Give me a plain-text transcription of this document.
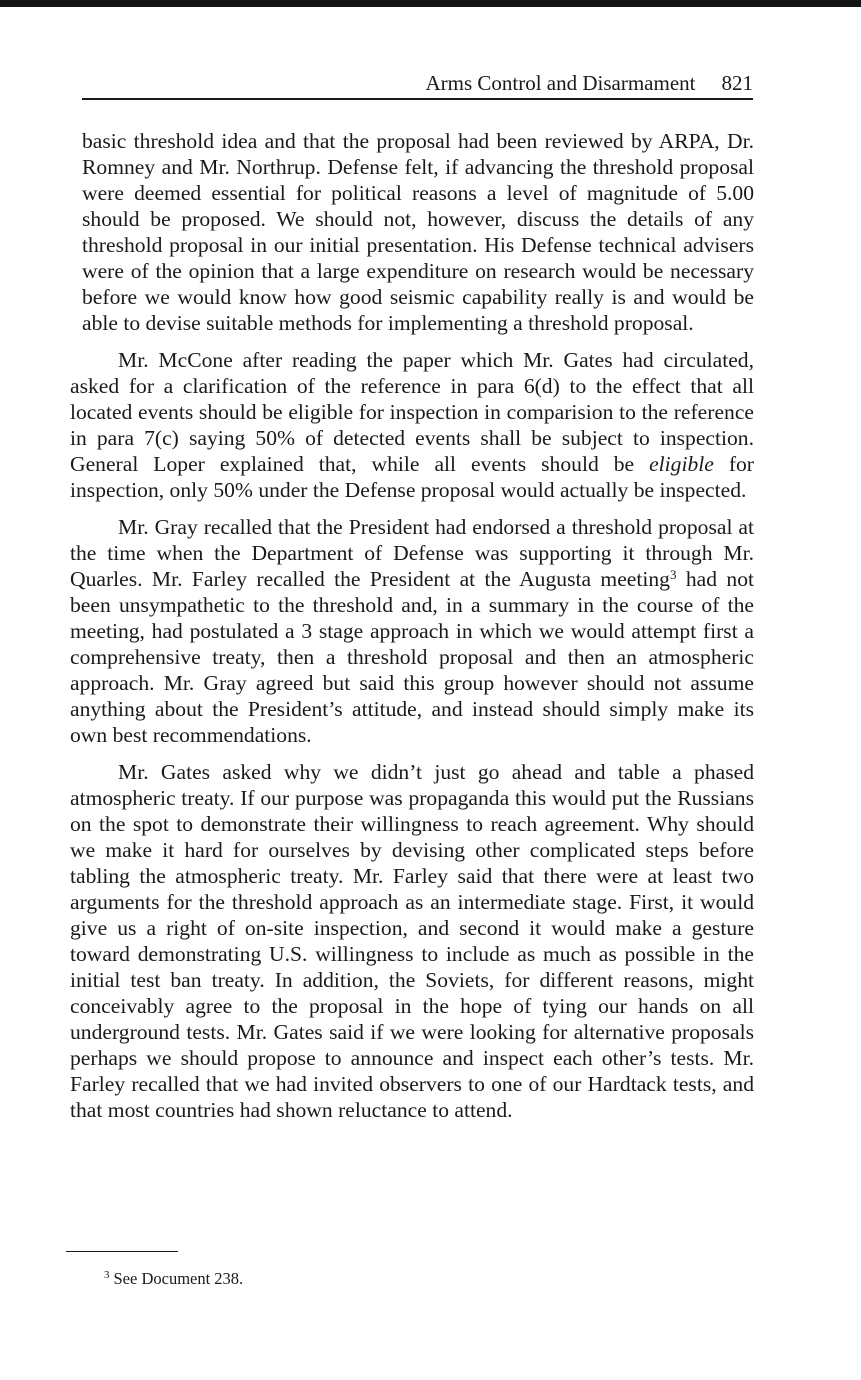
Arms Control and Disarmament 821

basic threshold idea and that the proposal had been reviewed by ARPA, Dr. Romney and Mr. Northrup. Defense felt, if advancing the threshold proposal were deemed essential for political reasons a level of magnitude of 5.00 should be proposed. We should not, however, discuss the details of any threshold proposal in our initial presentation. His Defense technical advisers were of the opinion that a large expenditure on research would be necessary before we would know how good seismic capability really is and would be able to devise suitable methods for implementing a threshold proposal.

Mr. McCone after reading the paper which Mr. Gates had circulated, asked for a clarification of the reference in para 6(d) to the effect that all located events should be eligible for inspection in comparision to the reference in para 7(c) saying 50% of detected events shall be subject to inspection. General Loper explained that, while all events should be eligible for inspection, only 50% under the Defense proposal would actually be inspected.

Mr. Gray recalled that the President had endorsed a threshold proposal at the time when the Department of Defense was supporting it through Mr. Quarles. Mr. Farley recalled the President at the Augusta meeting$^3$ had not been unsympathetic to the threshold and, in a summary in the course of the meeting, had postulated a 3 stage approach in which we would attempt first a comprehensive treaty, then a threshold proposal and then an atmospheric approach. Mr. Gray agreed but said this group however should not assume anything about the President’s attitude, and instead should simply make its own best recommendations.

Mr. Gates asked why we didn’t just go ahead and table a phased atmospheric treaty. If our purpose was propaganda this would put the Russians on the spot to demonstrate their willingness to reach agreement. Why should we make it hard for ourselves by devising other complicated steps before tabling the atmospheric treaty. Mr. Farley said that there were at least two arguments for the threshold approach as an intermediate stage. First, it would give us a right of on-site inspection, and second it would make a gesture toward demonstrating U.S. willingness to include as much as possible in the initial test ban treaty. In addition, the Soviets, for different reasons, might conceivably agree to the proposal in the hope of tying our hands on all underground tests. Mr. Gates said if we were looking for alternative proposals perhaps we should propose to announce and inspect each other’s tests. Mr. Farley recalled that we had invited observers to one of our Hardtack tests, and that most countries had shown reluctance to attend.

$^3$ See Document 238.
